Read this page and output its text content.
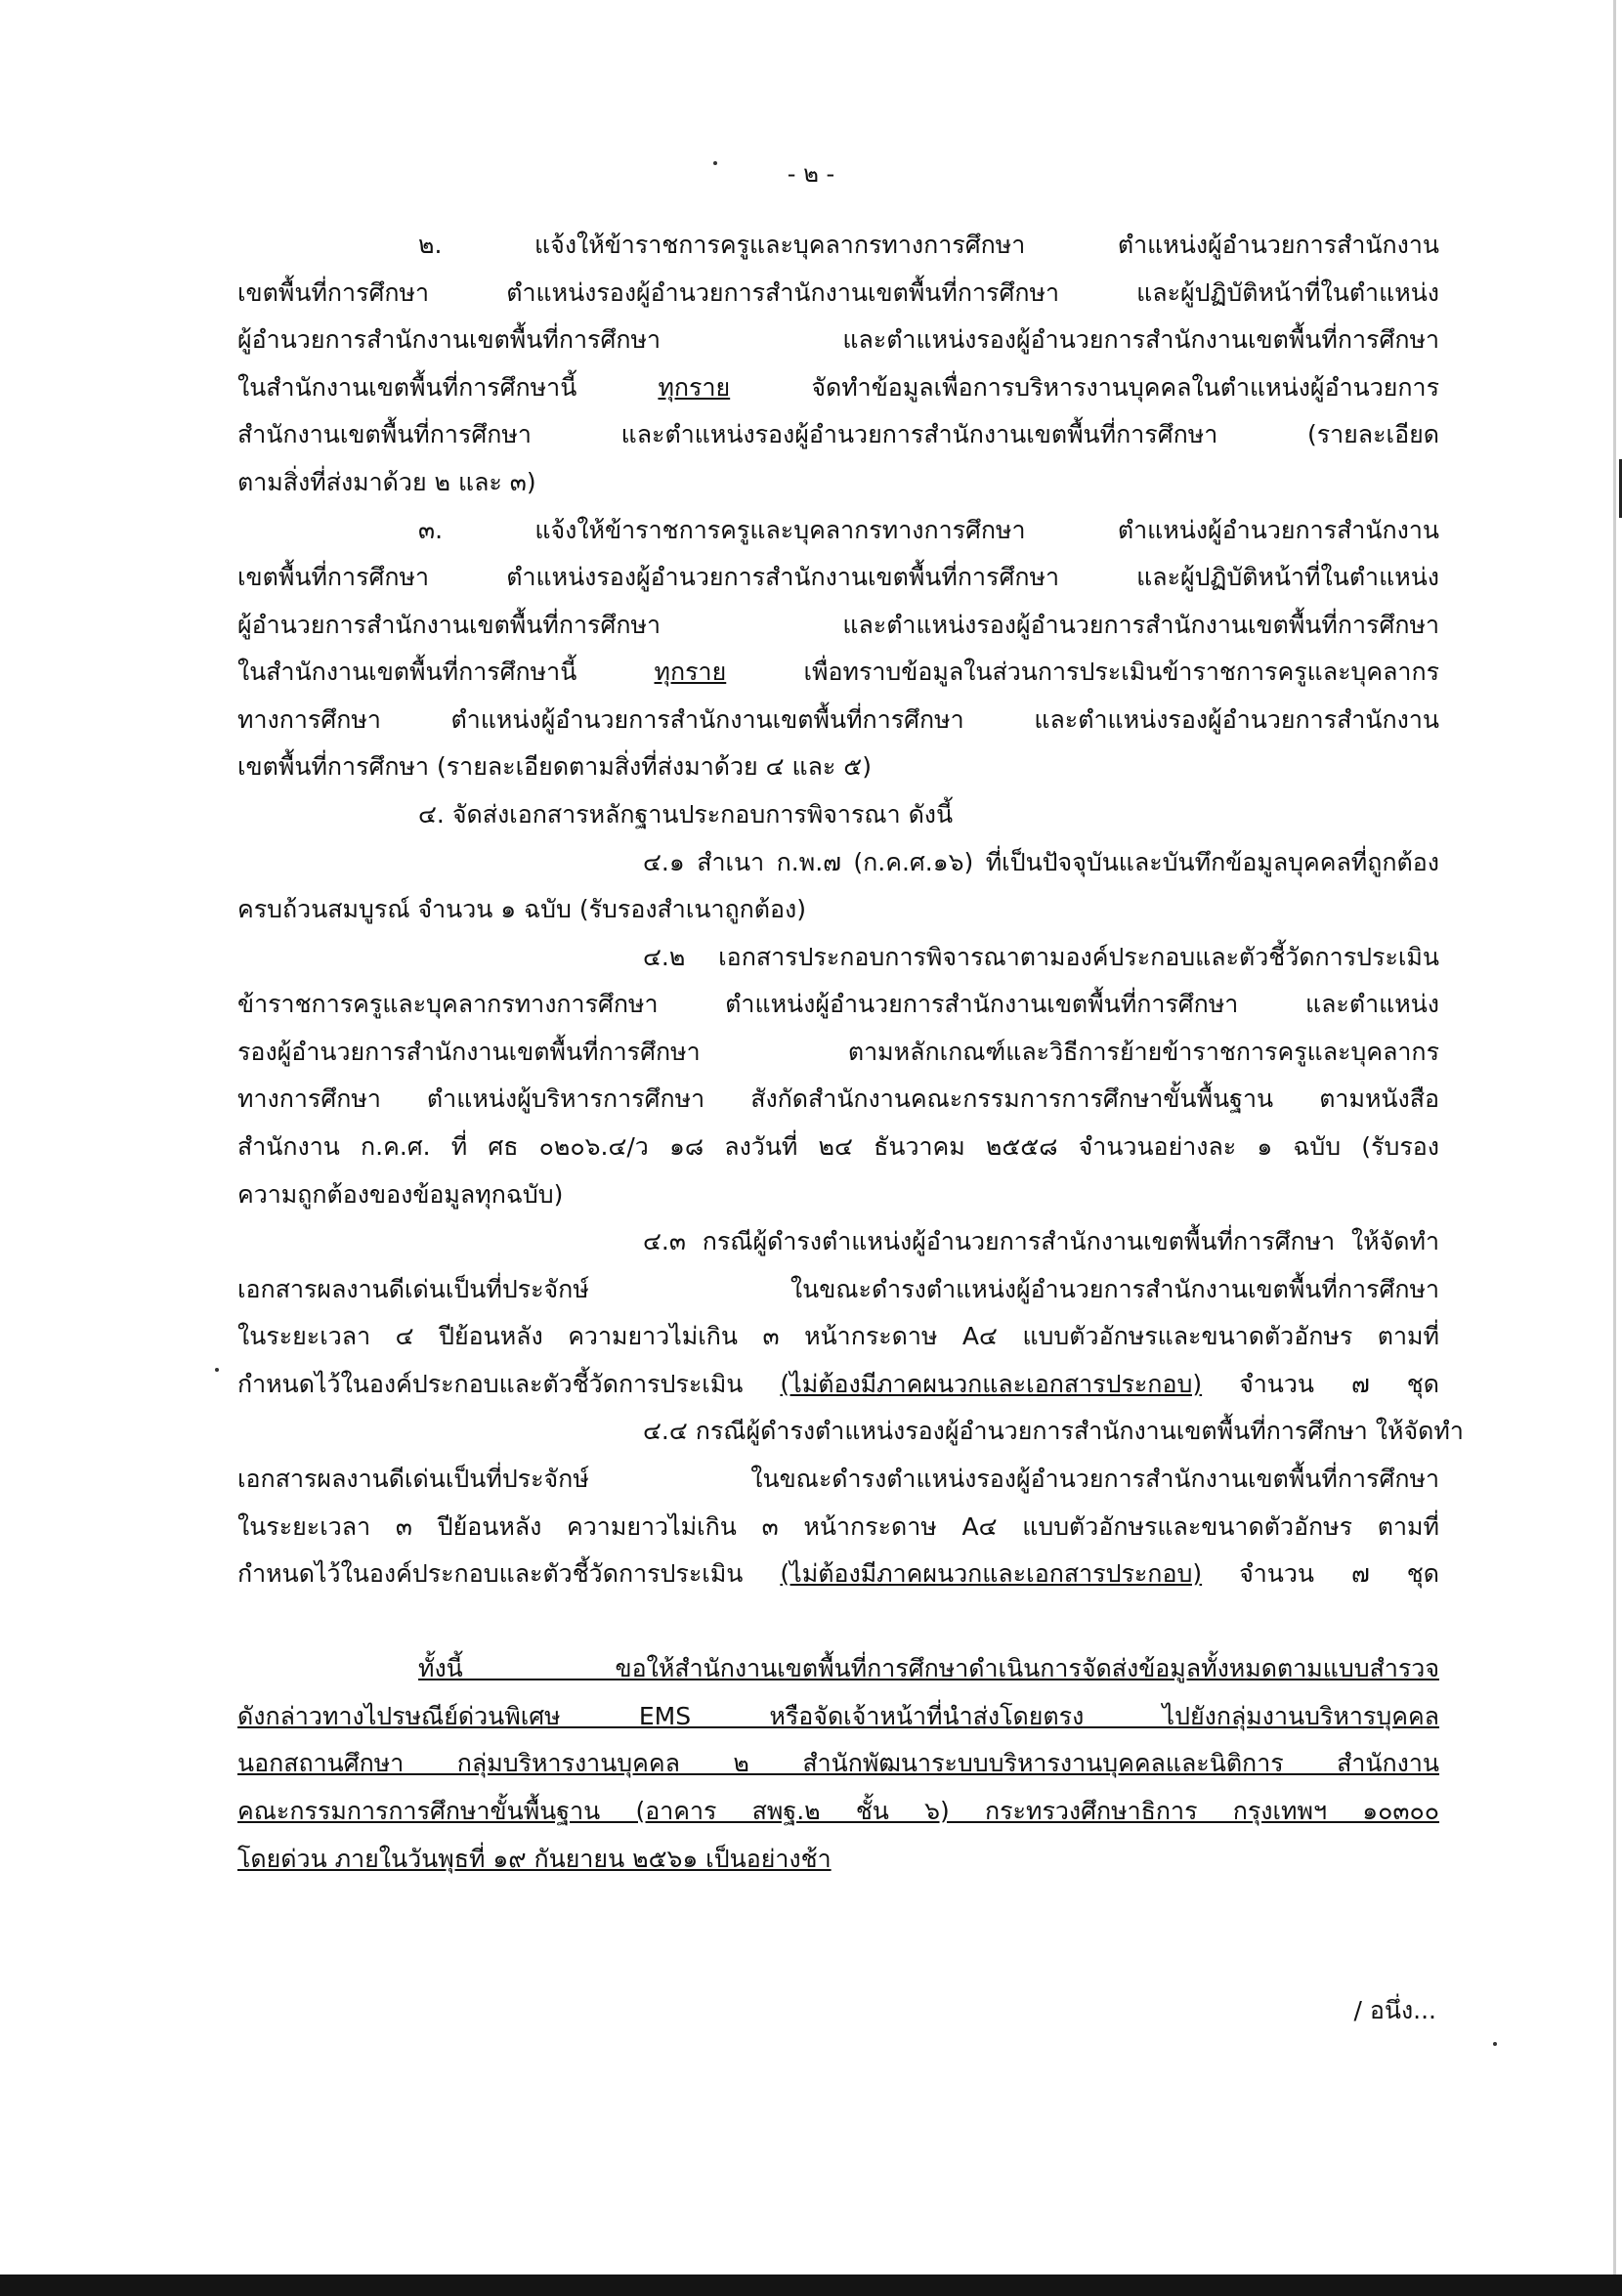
- ๒ -
๒. แจ้งให้ข้าราชการครูและบุคลากรทางการศึกษา ตำแหน่งผู้อำนวยการสำนักงาน
เขตพื้นที่การศึกษา ตำแหน่งรองผู้อำนวยการสำนักงานเขตพื้นที่การศึกษา และผู้ปฏิบัติหน้าที่ในตำแหน่ง
ผู้อำนวยการสำนักงานเขตพื้นที่การศึกษา และตำแหน่งรองผู้อำนวยการสำนักงานเขตพื้นที่การศึกษา
ในสำนักงานเขตพื้นที่การศึกษานี้	ทุกราย	จัดทำข้อมูลเพื่อการบริหารงานบุคคลในตำแหน่งผู้อำนวยการ
สำนักงานเขตพื้นที่การศึกษา และตำแหน่งรองผู้อำนวยการสำนักงานเขตพื้นที่การศึกษา (รายละเอียด
ตามสิ่งที่ส่งมาด้วย ๒ และ ๓)
๓. แจ้งให้ข้าราชการครูและบุคลากรทางการศึกษา ตำแหน่งผู้อำนวยการสำนักงาน
เขตพื้นที่การศึกษา ตำแหน่งรองผู้อำนวยการสำนักงานเขตพื้นที่การศึกษา และผู้ปฏิบัติหน้าที่ในตำแหน่ง
ผู้อำนวยการสำนักงานเขตพื้นที่การศึกษา และตำแหน่งรองผู้อำนวยการสำนักงานเขตพื้นที่การศึกษา
ในสำนักงานเขตพื้นที่การศึกษานี้	ทุกราย	เพื่อทราบข้อมูลในส่วนการประเมินข้าราชการครูและบุคลากร
ทางการศึกษา ตำแหน่งผู้อำนวยการสำนักงานเขตพื้นที่การศึกษา และตำแหน่งรองผู้อำนวยการสำนักงาน
เขตพื้นที่การศึกษา (รายละเอียดตามสิ่งที่ส่งมาด้วย ๔ และ ๕)
๔. จัดส่งเอกสารหลักฐานประกอบการพิจารณา ดังนี้
๔.๑ สำเนา ก.พ.๗ (ก.ค.ศ.๑๖) ที่เป็นปัจจุบันและบันทึกข้อมูลบุคคลที่ถูกต้อง
ครบถ้วนสมบูรณ์ จำนวน ๑ ฉบับ (รับรองสำเนาถูกต้อง)
๔.๒ เอกสารประกอบการพิจารณาตามองค์ประกอบและตัวชี้วัดการประเมิน
ข้าราชการครูและบุคลากรทางการศึกษา ตำแหน่งผู้อำนวยการสำนักงานเขตพื้นที่การศึกษา และตำแหน่ง
รองผู้อำนวยการสำนักงานเขตพื้นที่การศึกษา ตามหลักเกณฑ์และวิธีการย้ายข้าราชการครูและบุคลากร
ทางการศึกษา ตำแหน่งผู้บริหารการศึกษา สังกัดสำนักงานคณะกรรมการการศึกษาขั้นพื้นฐาน ตามหนังสือ
สำนักงาน ก.ค.ศ. ที่ ศธ ๐๒๐๖.๔/ว ๑๘ ลงวันที่ ๒๔ ธันวาคม ๒๕๕๘ จำนวนอย่างละ ๑ ฉบับ (รับรอง
ความถูกต้องของข้อมูลทุกฉบับ)
๔.๓ กรณีผู้ดำรงตำแหน่งผู้อำนวยการสำนักงานเขตพื้นที่การศึกษา ให้จัดทำ
เอกสารผลงานดีเด่นเป็นที่ประจักษ์ ในขณะดำรงตำแหน่งผู้อำนวยการสำนักงานเขตพื้นที่การศึกษา
ในระยะเวลา ๔ ปีย้อนหลัง ความยาวไม่เกิน ๓ หน้ากระดาษ A๔ แบบตัวอักษรและขนาดตัวอักษร ตามที่
กำหนดไว้ในองค์ประกอบและตัวชี้วัดการประเมิน (ไม่ต้องมีภาคผนวกและเอกสารประกอบ) จำนวน ๗ ชุด
๔.๔ กรณีผู้ดำรงตำแหน่งรองผู้อำนวยการสำนักงานเขตพื้นที่การศึกษา ให้จัดทำ
เอกสารผลงานดีเด่นเป็นที่ประจักษ์ ในขณะดำรงตำแหน่งรองผู้อำนวยการสำนักงานเขตพื้นที่การศึกษา
ในระยะเวลา ๓ ปีย้อนหลัง ความยาวไม่เกิน ๓ หน้ากระดาษ A๔ แบบตัวอักษรและขนาดตัวอักษร ตามที่
กำหนดไว้ในองค์ประกอบและตัวชี้วัดการประเมิน (ไม่ต้องมีภาคผนวกและเอกสารประกอบ) จำนวน ๗ ชุด
ทั้งนี้ ขอให้สำนักงานเขตพื้นที่การศึกษาดำเนินการจัดส่งข้อมูลทั้งหมดตามแบบสำรวจ
ดังกล่าวทางไปรษณีย์ด่วนพิเศษ EMS หรือจัดเจ้าหน้าที่นำส่งโดยตรง ไปยังกลุ่มงานบริหารบุคคล
นอกสถานศึกษา กลุ่มบริหารงานบุคคล ๒ สำนักพัฒนาระบบบริหารงานบุคคลและนิติการ สำนักงาน
คณะกรรมการการศึกษาขั้นพื้นฐาน (อาคาร สพฐ.๒ ชั้น ๖) กระทรวงศึกษาธิการ กรุงเทพฯ ๑๐๓๐๐
โดยด่วน ภายในวันพุธที่ ๑๙ กันยายน ๒๕๖๑ เป็นอย่างช้า
/ อนึ่ง...
